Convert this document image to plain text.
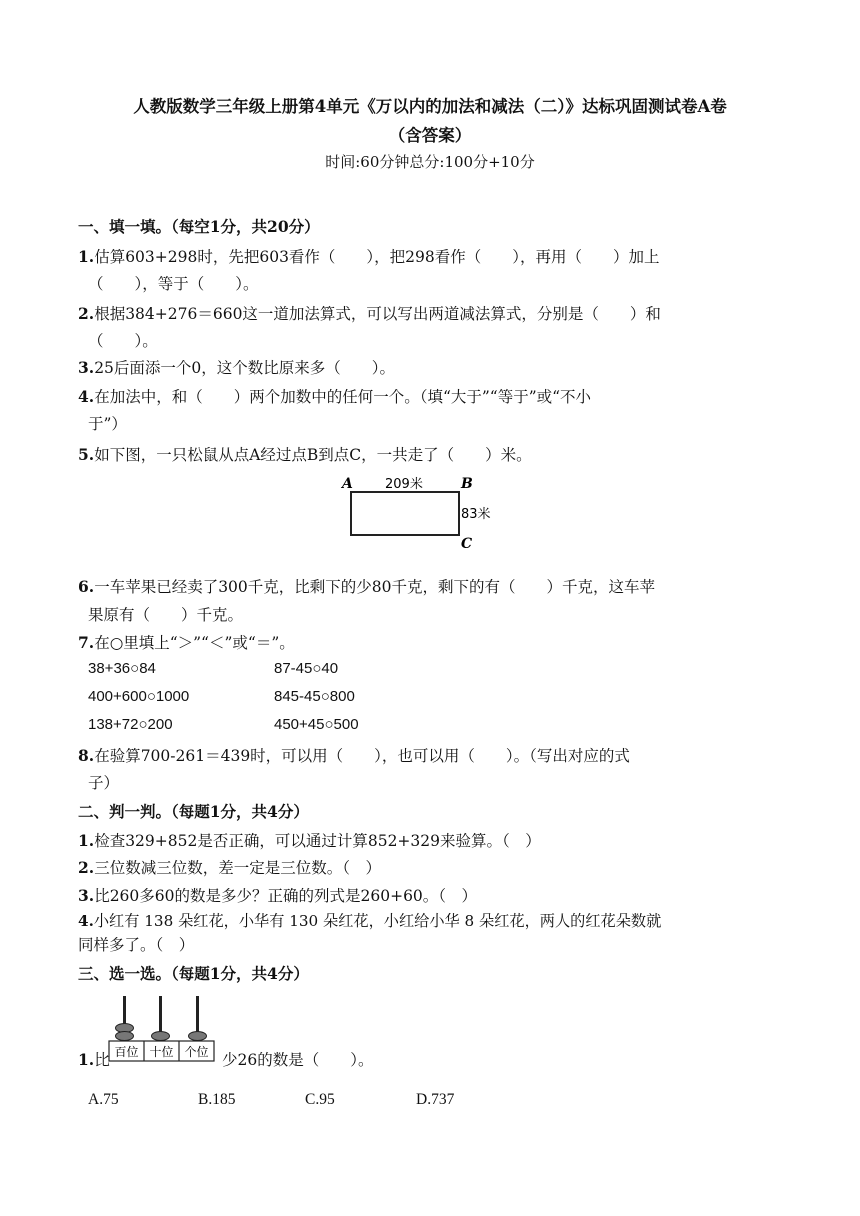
人教版数学三年级上册第4单元《万以内的加法和减法（二）》达标巩固测试卷A卷
（含答案）
时间:60分钟总分:100分+10分
一、填一填。（每空1分，共20分）
1.估算603+298时，先把603看作（　　），把298看作（　　），再用（　　）加上
（　　），等于（　　）。
2.根据384+276＝660这一道加法算式，可以写出两道减法算式，分别是（　　）和
（　　）。
3.25后面添一个0，这个数比原来多（　　）。
4.在加法中，和（　　）两个加数中的任何一个。（填“大于”“等于”或“不小
于”）
5.如下图，一只松鼠从点A经过点B到点C，一共走了（　　）米。
A 209米	B
83米
C
6.一车苹果已经卖了300千克，比剩下的少80千克，剩下的有（　　）千克，这车苹
果原有（　　）千克。
7.在○里填上“＞”“＜”或“＝”。
38+36○84	87-45○40
400+600○1000	845-45○800
138+72○200	450+45○500
8.在验算700-261＝439时，可以用（　　），也可以用（　　）。（写出对应的式
子）
二、判一判。（每题1分，共4分）
1.检查329+852是否正确，可以通过计算852+329来验算。（　）
2.三位数减三位数，差一定是三位数。（　）
3.比260多60的数是多少？正确的列式是260+60。（　）
4.小红有 138 朵红花，小华有 130 朵红花，小红给小华 8 朵红花，两人的红花朵数就
同样多了。（　）
三、选一选。（每题1分，共4分）
百位 十位 个位
1.比	少26的数是（　　）。
A.75	B.185	C.95	D.737
